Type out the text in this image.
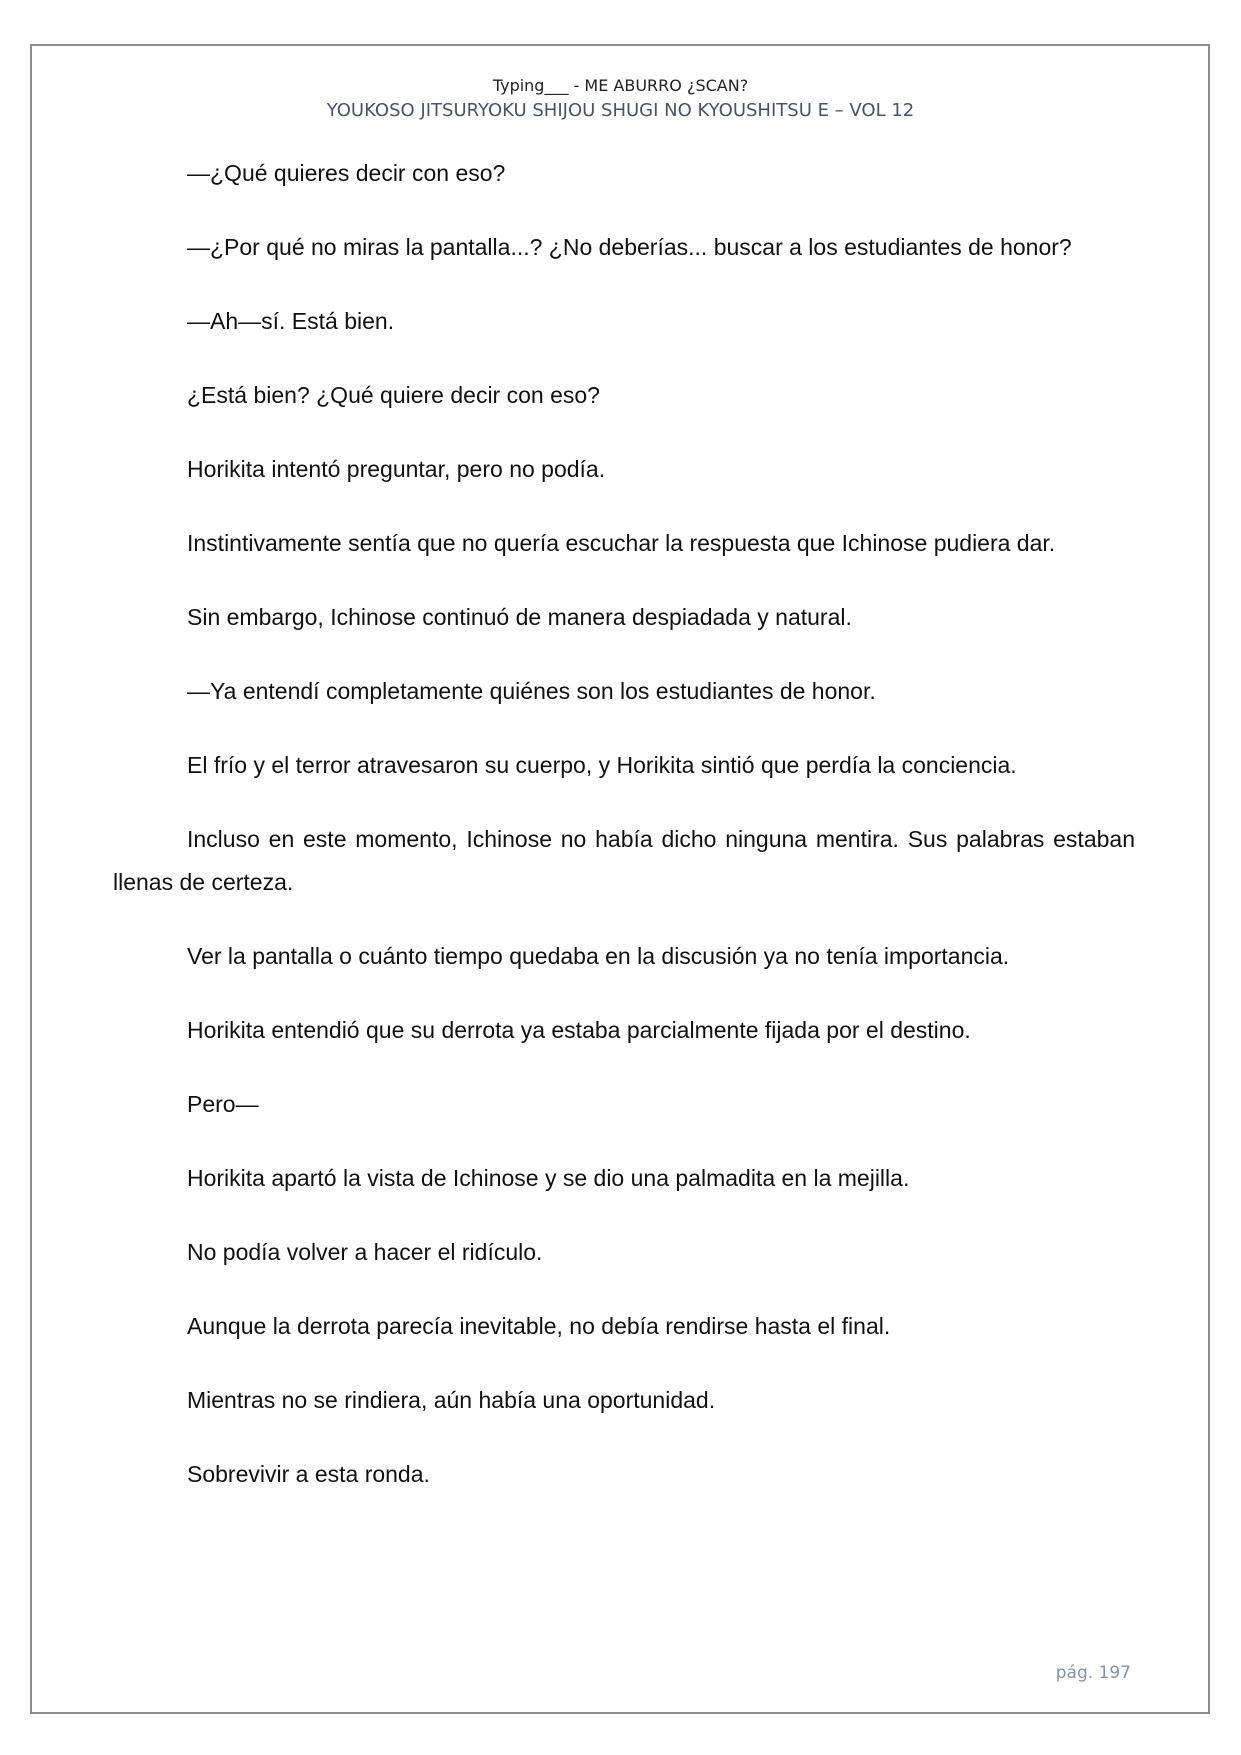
Typing___ - ME ABURRO ¿SCAN?
YOUKOSO JITSURYOKU SHIJOU SHUGI NO KYOUSHITSU E – VOL 12

—¿Qué quieres decir con eso?

—¿Por qué no miras la pantalla...? ¿No deberías... buscar a los estudiantes de honor?

—Ah—sí. Está bien.

¿Está bien? ¿Qué quiere decir con eso?

Horikita intentó preguntar, pero no podía.

Instintivamente sentía que no quería escuchar la respuesta que Ichinose pudiera dar.

Sin embargo, Ichinose continuó de manera despiadada y natural.

—Ya entendí completamente quiénes son los estudiantes de honor.

El frío y el terror atravesaron su cuerpo, y Horikita sintió que perdía la conciencia.

Incluso en este momento, Ichinose no había dicho ninguna mentira. Sus palabras estaban llenas de certeza.

Ver la pantalla o cuánto tiempo quedaba en la discusión ya no tenía importancia.

Horikita entendió que su derrota ya estaba parcialmente fijada por el destino.

Pero—

Horikita apartó la vista de Ichinose y se dio una palmadita en la mejilla.

No podía volver a hacer el ridículo.

Aunque la derrota parecía inevitable, no debía rendirse hasta el final.

Mientras no se rindiera, aún había una oportunidad.

Sobrevivir a esta ronda.

pág. 197
